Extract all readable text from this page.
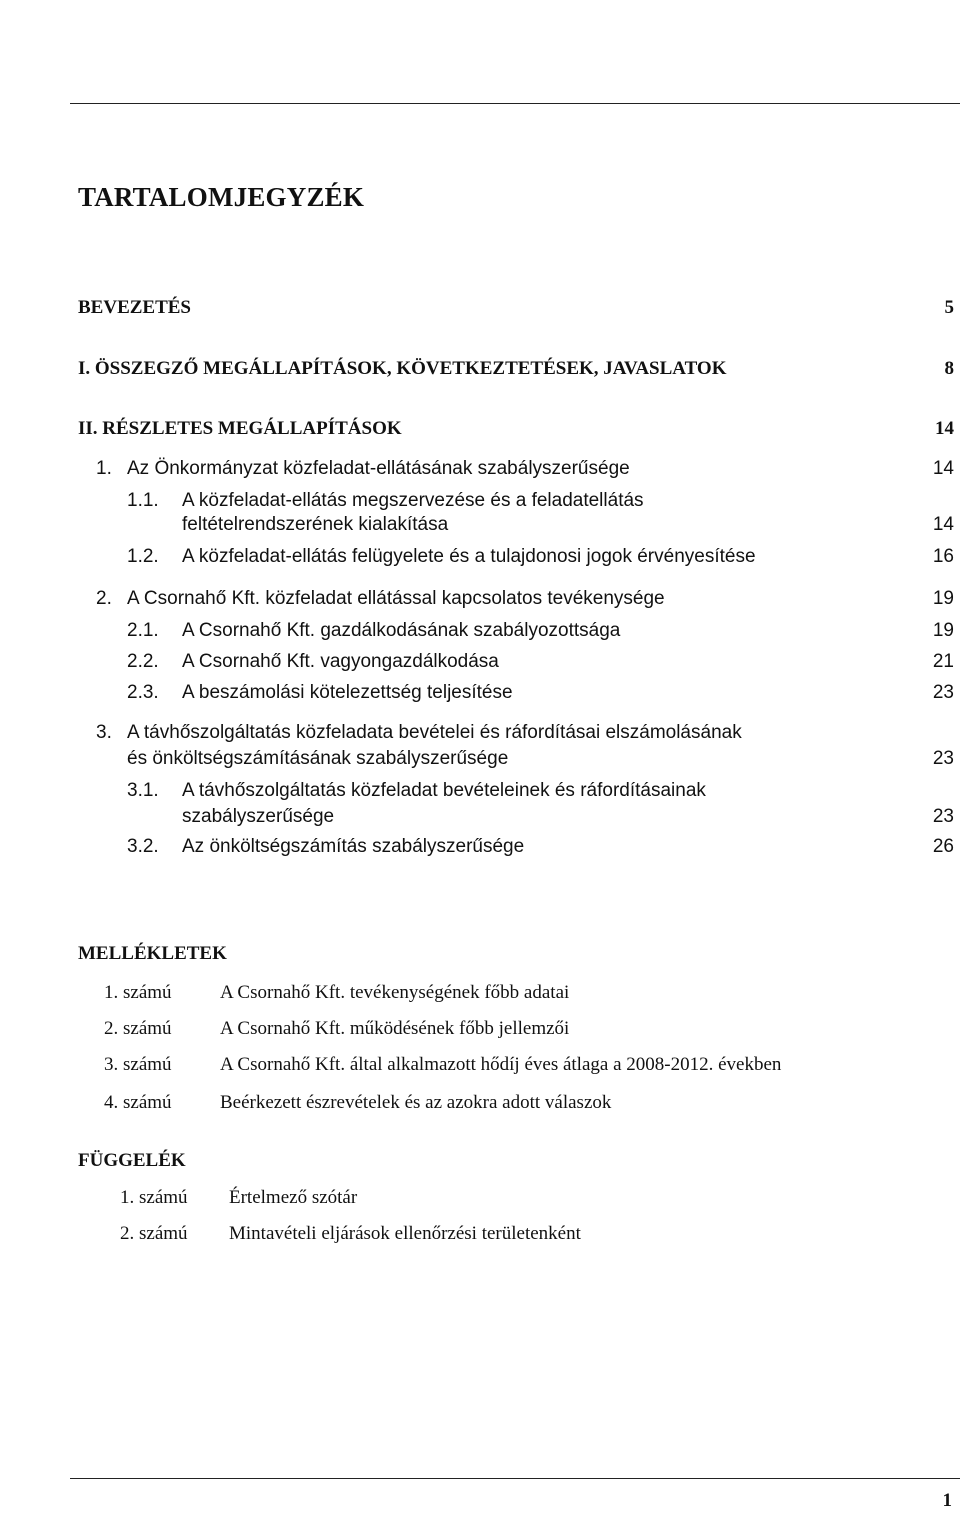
TARTALOMJEGYZÉK
BEVEZETÉS	5
I. ÖSSZEGZŐ MEGÁLLAPÍTÁSOK, KÖVETKEZTETÉSEK, JAVASLATOK	8
II. RÉSZLETES MEGÁLLAPÍTÁSOK	14
1. Az Önkormányzat közfeladat-ellátásának szabályszerűsége	14
1.1. A közfeladat-ellátás megszervezése és a feladatellátás
feltételrendszerének kialakítása	14
1.2. A közfeladat-ellátás felügyelete és a tulajdonosi jogok érvényesítése	16
2. A Csornahő Kft. közfeladat ellátással kapcsolatos tevékenysége	19
2.1. A Csornahő Kft. gazdálkodásának szabályozottsága	19
2.2. A Csornahő Kft. vagyongazdálkodása	21
2.3. A beszámolási kötelezettség teljesítése	23
3. A távhőszolgáltatás közfeladata bevételei és ráfordításai elszámolásának
és önköltségszámításának szabályszerűsége	23
3.1. A távhőszolgáltatás közfeladat bevételeinek és ráfordításainak
szabályszerűsége	23
3.2. Az önköltségszámítás szabályszerűsége	26
MELLÉKLETEK
1. számú	A Csornahő Kft. tevékenységének főbb adatai
2. számú	A Csornahő Kft. működésének főbb jellemzői
3. számú	A Csornahő Kft. által alkalmazott hődíj éves átlaga a 2008-2012. években
4. számú	Beérkezett észrevételek és az azokra adott válaszok
FÜGGELÉK
1. számú Értelmező szótár
2. számú Mintavételi eljárások ellenőrzési területenként
1
